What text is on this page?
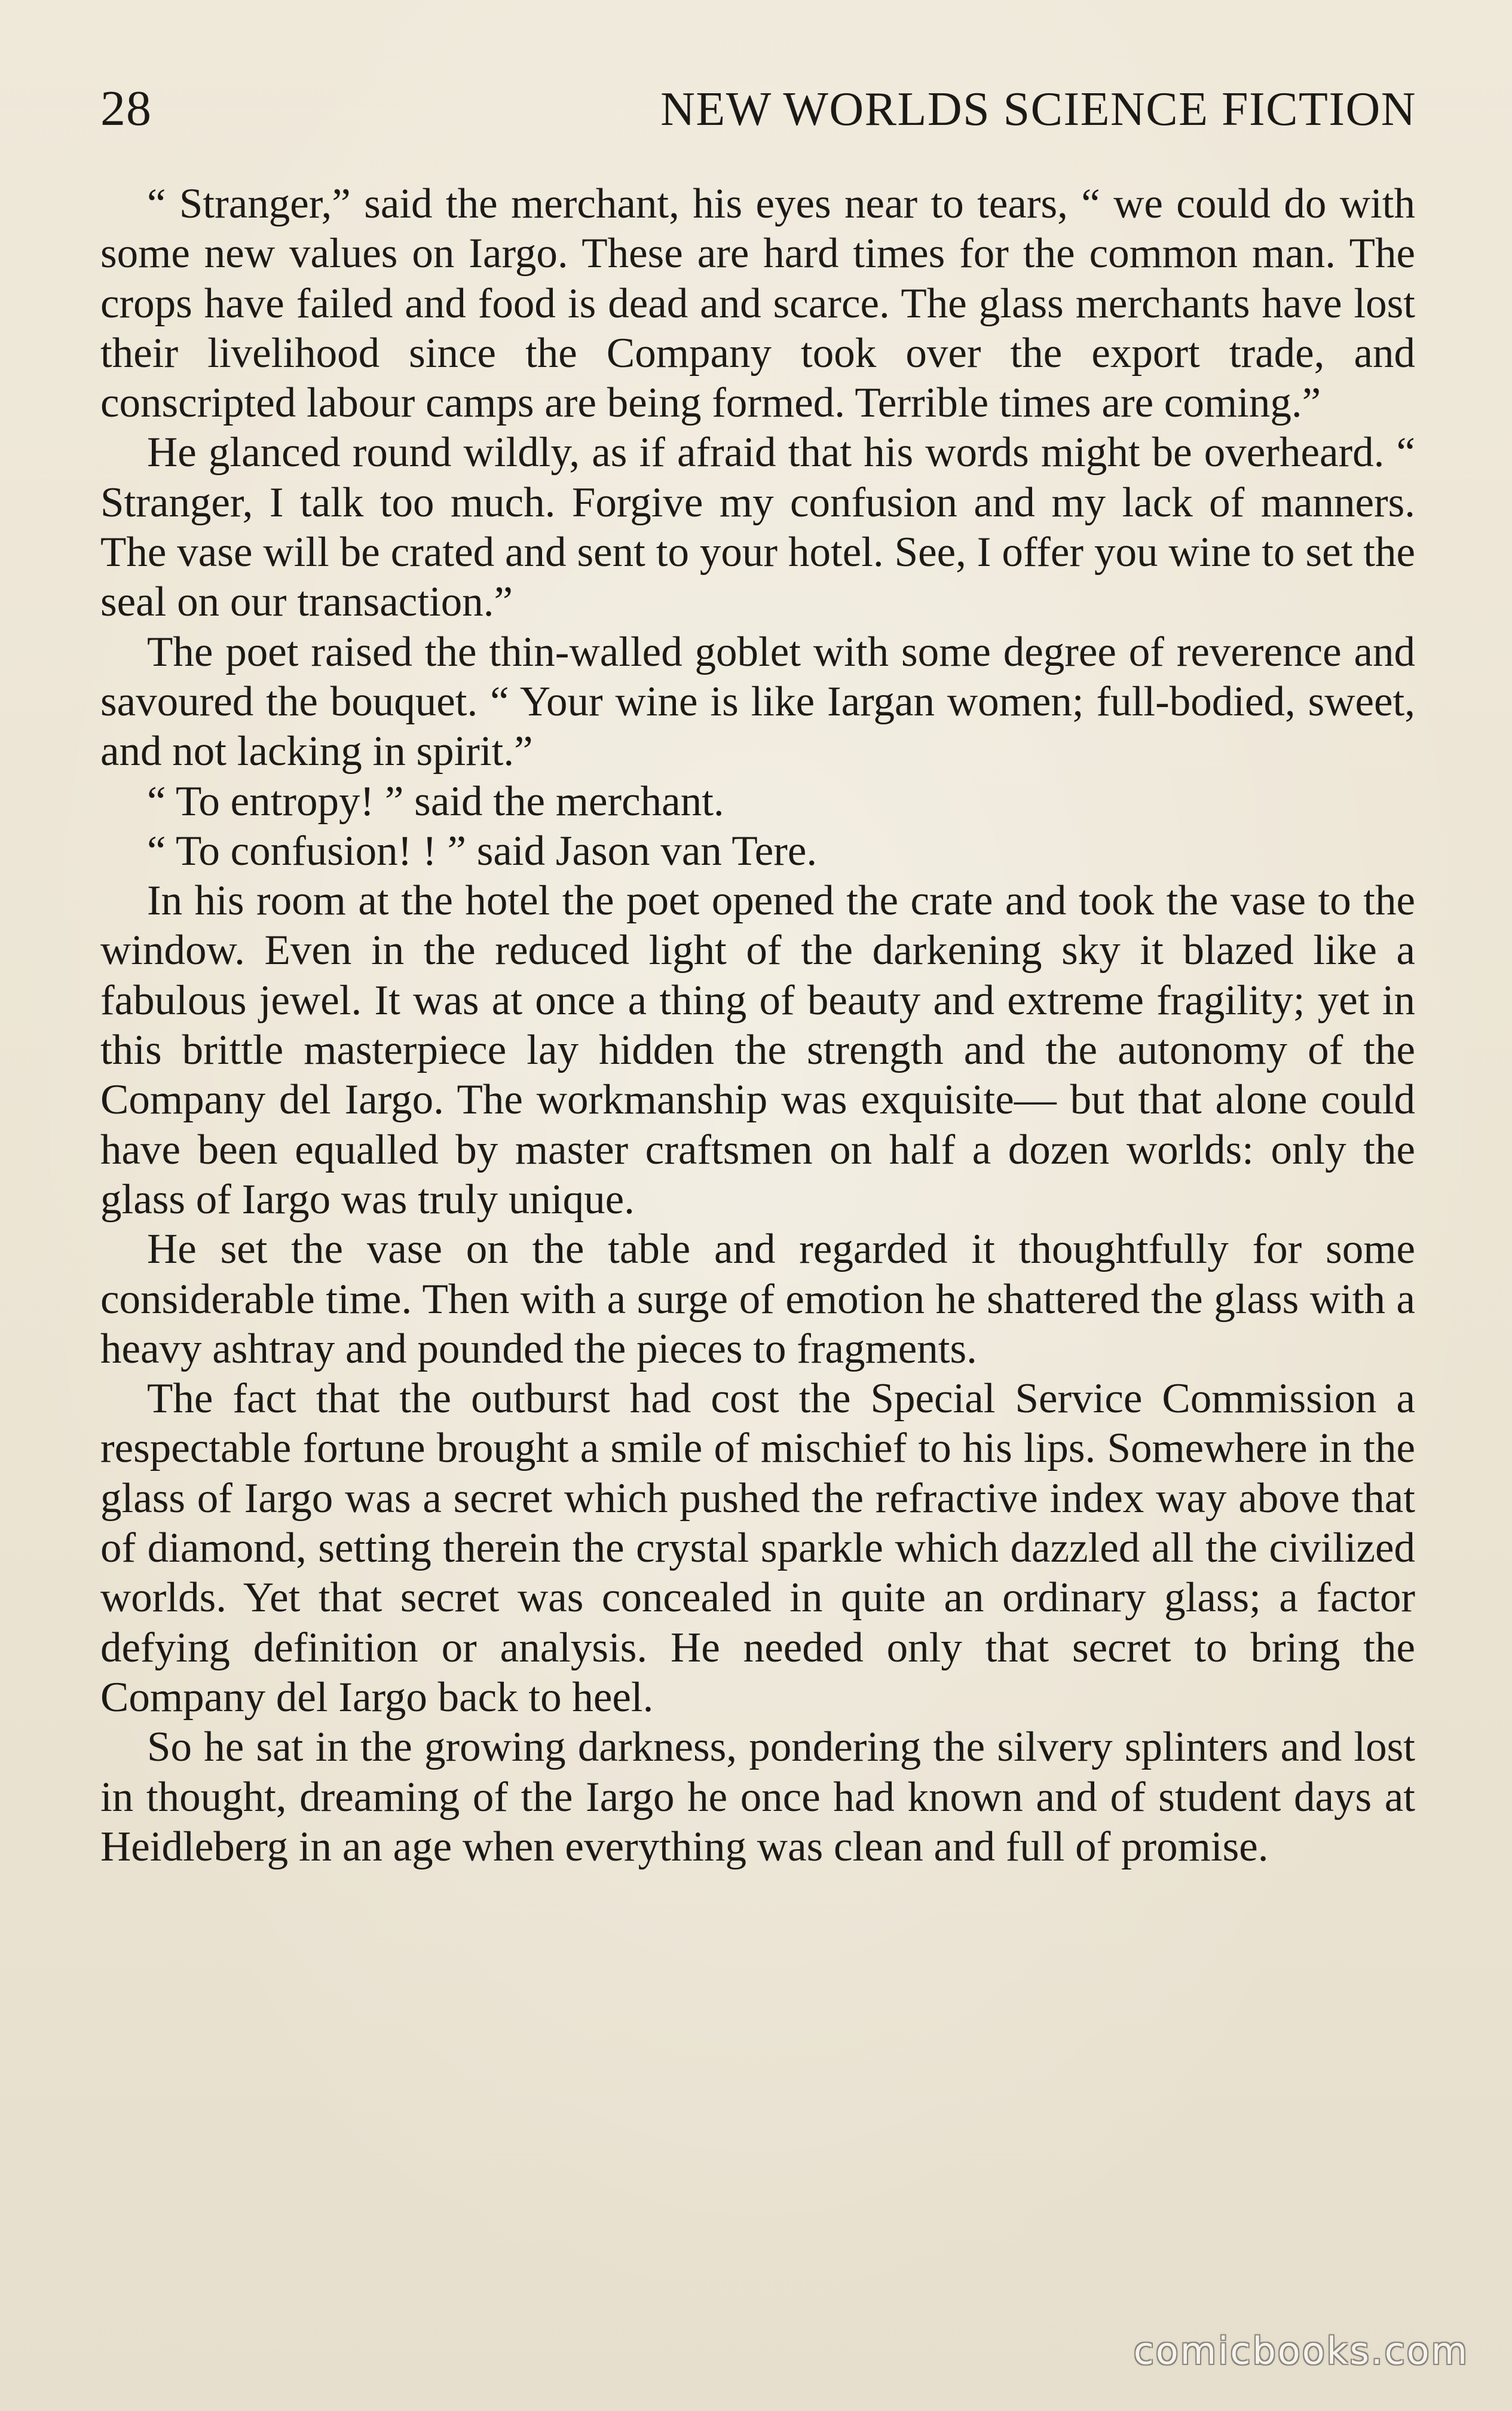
28	NEW WORLDS SCIENCE FICTION

“ Stranger,” said the merchant, his eyes near to tears, “ we could do with some new values on Iargo. These are hard times for the common man. The crops have failed and food is dead and scarce. The glass merchants have lost their livelihood since the Company took over the export trade, and conscripted labour camps are being formed. Terrible times are coming.”

He glanced round wildly, as if afraid that his words might be overheard. “ Stranger, I talk too much. Forgive my confusion and my lack of manners. The vase will be crated and sent to your hotel. See, I offer you wine to set the seal on our transaction.”

The poet raised the thin-walled goblet with some degree of reverence and savoured the bouquet. “ Your wine is like Iargan women; full-bodied, sweet, and not lacking in spirit.”

“ To entropy! ” said the merchant.

“ To confusion! ! ” said Jason van Tere.

In his room at the hotel the poet opened the crate and took the vase to the window. Even in the reduced light of the darkening sky it blazed like a fabulous jewel. It was at once a thing of beauty and extreme fragility; yet in this brittle masterpiece lay hidden the strength and the autonomy of the Company del Iargo. The workmanship was exquisite— but that alone could have been equalled by master craftsmen on half a dozen worlds: only the glass of Iargo was truly unique.

He set the vase on the table and regarded it thoughtfully for some considerable time. Then with a surge of emotion he shattered the glass with a heavy ashtray and pounded the pieces to fragments.

The fact that the outburst had cost the Special Service Commission a respectable fortune brought a smile of mischief to his lips. Somewhere in the glass of Iargo was a secret which pushed the refractive index way above that of diamond, setting therein the crystal sparkle which dazzled all the civilized worlds. Yet that secret was concealed in quite an ordinary glass; a factor defying definition or analysis. He needed only that secret to bring the Company del Iargo back to heel.

So he sat in the growing darkness, pondering the silvery splinters and lost in thought, dreaming of the Iargo he once had known and of student days at Heidleberg in an age when everything was clean and full of promise.

comicbooks.com
